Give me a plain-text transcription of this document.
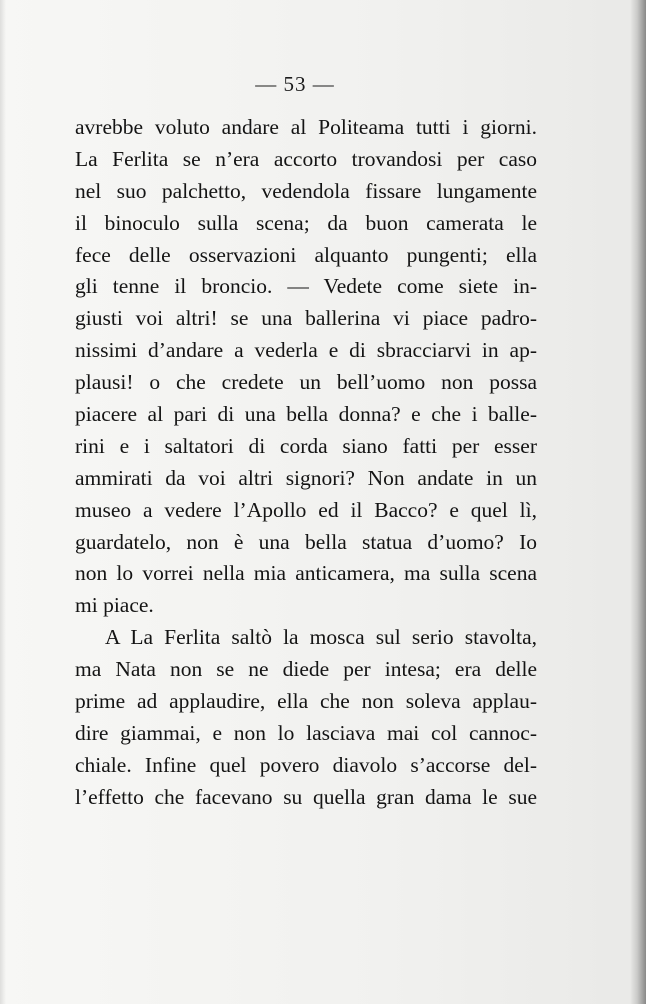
— 53 —
avrebbe voluto andare al Politeama tutti i giorni.
La Ferlita se n’era accorto trovandosi per caso
nel suo palchetto, vedendola fissare lungamente
il binoculo sulla scena; da buon camerata le
fece delle osservazioni alquanto pungenti; ella
gli tenne il broncio. — Vedete come siete in-
giusti voi altri! se una ballerina vi piace padro-
nissimi d’andare a vederla e di sbracciarvi in ap-
plausi! o che credete un bell’uomo non possa
piacere al pari di una bella donna? e che i balle-
rini e i saltatori di corda siano fatti per esser
ammirati da voi altri signori? Non andate in un
museo a vedere l’Apollo ed il Bacco? e quel lì,
guardatelo, non è una bella statua d’uomo? Io
non lo vorrei nella mia anticamera, ma sulla scena
mi piace.
A La Ferlita saltò la mosca sul serio stavolta,
ma Nata non se ne diede per intesa; era delle
prime ad applaudire, ella che non soleva applau-
dire giammai, e non lo lasciava mai col cannoc-
chiale. Infine quel povero diavolo s’accorse del-
l’effetto che facevano su quella gran dama le sue
